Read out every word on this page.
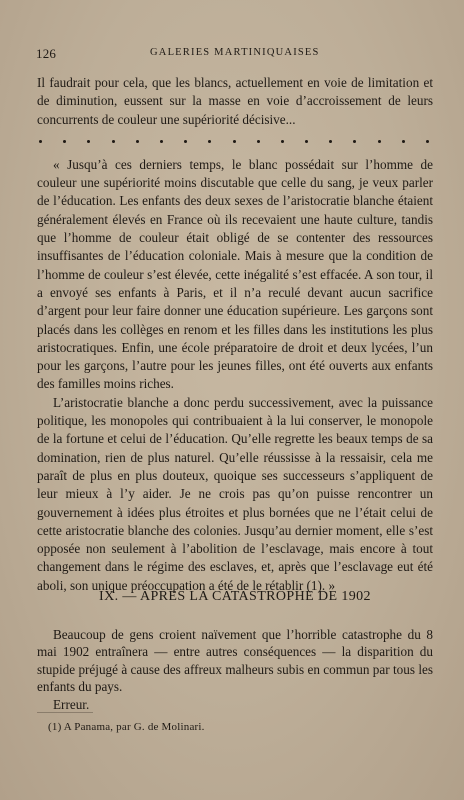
126	GALERIES MARTINIQUAISES

Il faudrait pour cela, que les blancs, actuellement en voie de limitation et de diminution, eussent sur la masse en voie d’accroissement de leurs concurrents de couleur une supériorité décisive...

« Jusqu’à ces derniers temps, le blanc possédait sur l’homme de couleur une supériorité moins discutable que celle du sang, je veux parler de l’éducation. Les enfants des deux sexes de l’aristocratie blanche étaient généralement élevés en France où ils recevaient une haute culture, tandis que l’homme de couleur était obligé de se contenter des ressources insuffisantes de l’éducation coloniale. Mais à mesure que la condition de l’homme de couleur s’est élevée, cette inégalité s’est effacée. A son tour, il a envoyé ses enfants à Paris, et il n’a reculé devant aucun sacrifice d’argent pour leur faire donner une éducation supérieure. Les garçons sont placés dans les collèges en renom et les filles dans les institutions les plus aristocratiques. Enfin, une école préparatoire de droit et deux lycées, l’un pour les garçons, l’autre pour les jeunes filles, ont été ouverts aux enfants des familles moins riches.

L’aristocratie blanche a donc perdu successivement, avec la puissance politique, les monopoles qui contribuaient à la lui conserver, le monopole de la fortune et celui de l’éducation. Qu’elle regrette les beaux temps de sa domination, rien de plus naturel. Qu’elle réussisse à la ressaisir, cela me paraît de plus en plus douteux, quoique ses successeurs s’appliquent de leur mieux à l’y aider. Je ne crois pas qu’on puisse rencontrer un gouvernement à idées plus étroites et plus bornées que ne l’était celui de cette aristocratie blanche des colonies. Jusqu’au dernier moment, elle s’est opposée non seulement à l’abolition de l’esclavage, mais encore à tout changement dans le régime des esclaves, et, après que l’esclavage eut été aboli, son unique préoccupation a été de le rétablir (1). »

IX. — APRES LA CATASTROPHE DE 1902

Beaucoup de gens croient naïvement que l’horrible catastrophe du 8 mai 1902 entraînera — entre autres conséquences — la disparition du stupide préjugé à cause des affreux malheurs subis en commun par tous les enfants du pays.

Erreur.

(1) A Panama, par G. de Molinari.
